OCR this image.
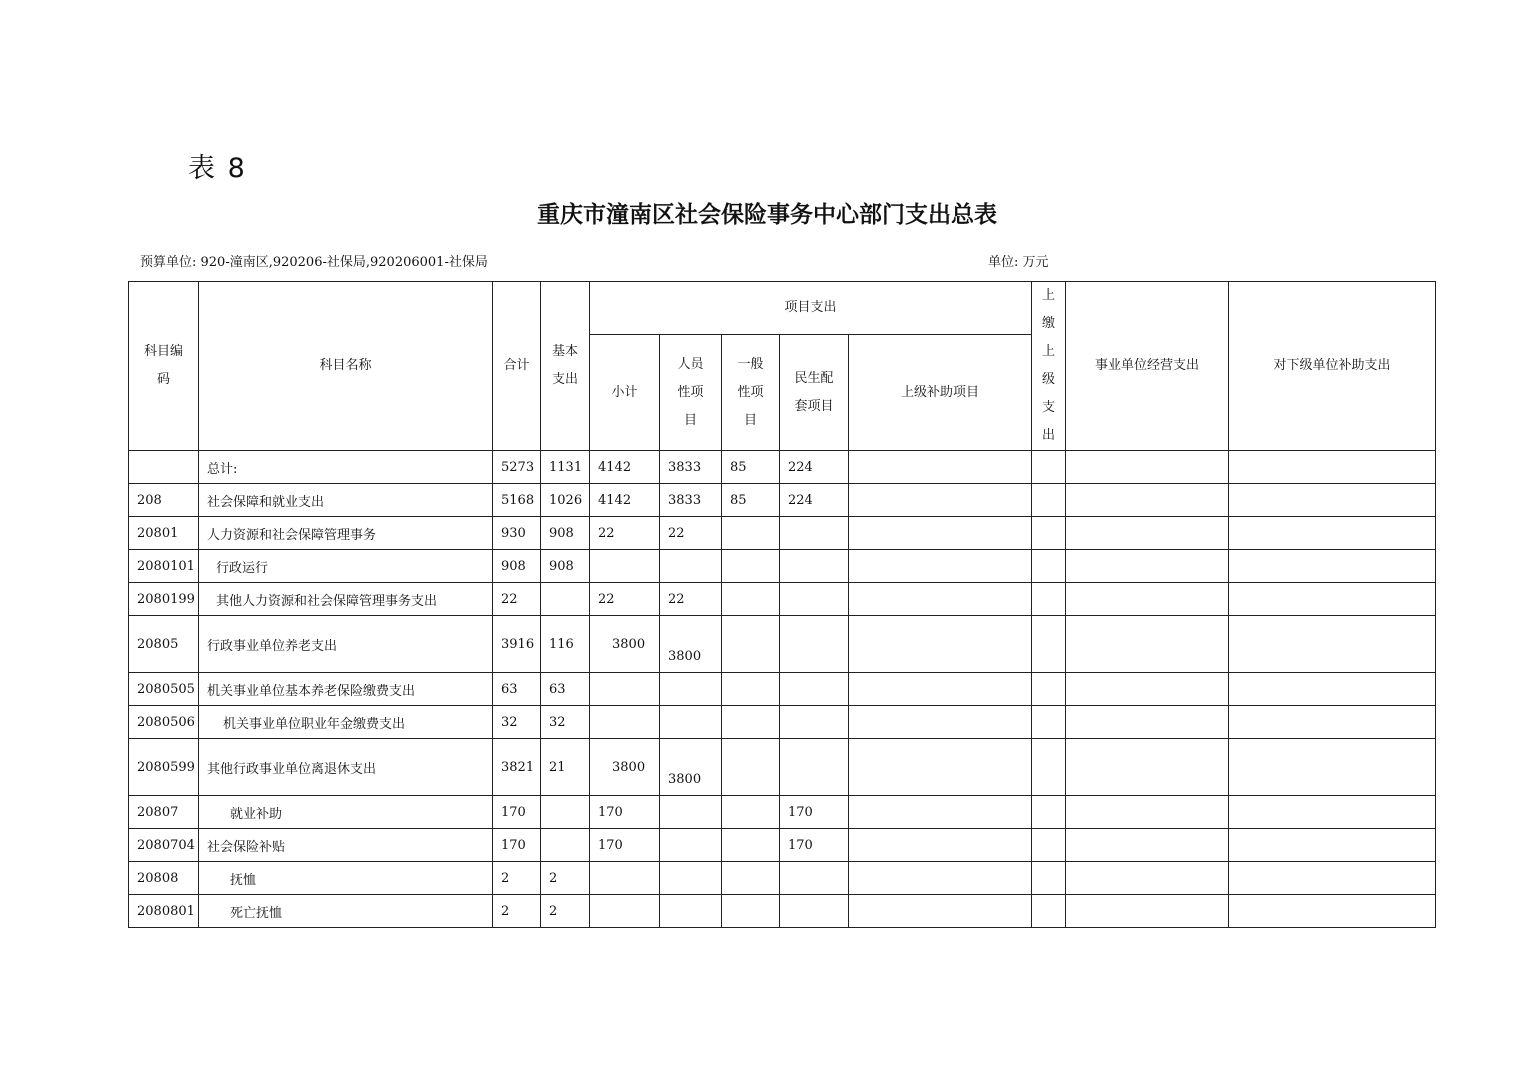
表 8
重庆市潼南区社会保险事务中心部门支出总表
预算单位: 920-潼南区,920206-社保局,920206001-社保局	单位: 万元
科目编码	科目名称	合计	基本支出	项目支出					上缴上级支出	事业单位经营支出	对下级单位补助支出
				小计	人员性项目	一般性项目	民生配套项目	上级补助项目			
	总计:	5273	1131	4142	3833	85	224				
208	社会保障和就业支出	5168	1026	4142	3833	85	224				
20801	人力资源和社会保障管理事务	930	908	22	22						
2080101	行政运行	908	908								
2080199	其他人力资源和社会保障管理事务支出	22		22	22						
20805	行政事业单位养老支出	3916	116	3800	3800						
2080505	机关事业单位基本养老保险缴费支出	63	63								
2080506	机关事业单位职业年金缴费支出	32	32								
2080599	其他行政事业单位离退休支出	3821	21	3800	3800						
20807	就业补助	170		170			170				
2080704	社会保险补贴	170		170			170				
20808	抚恤	2	2								
2080801	死亡抚恤	2	2								
